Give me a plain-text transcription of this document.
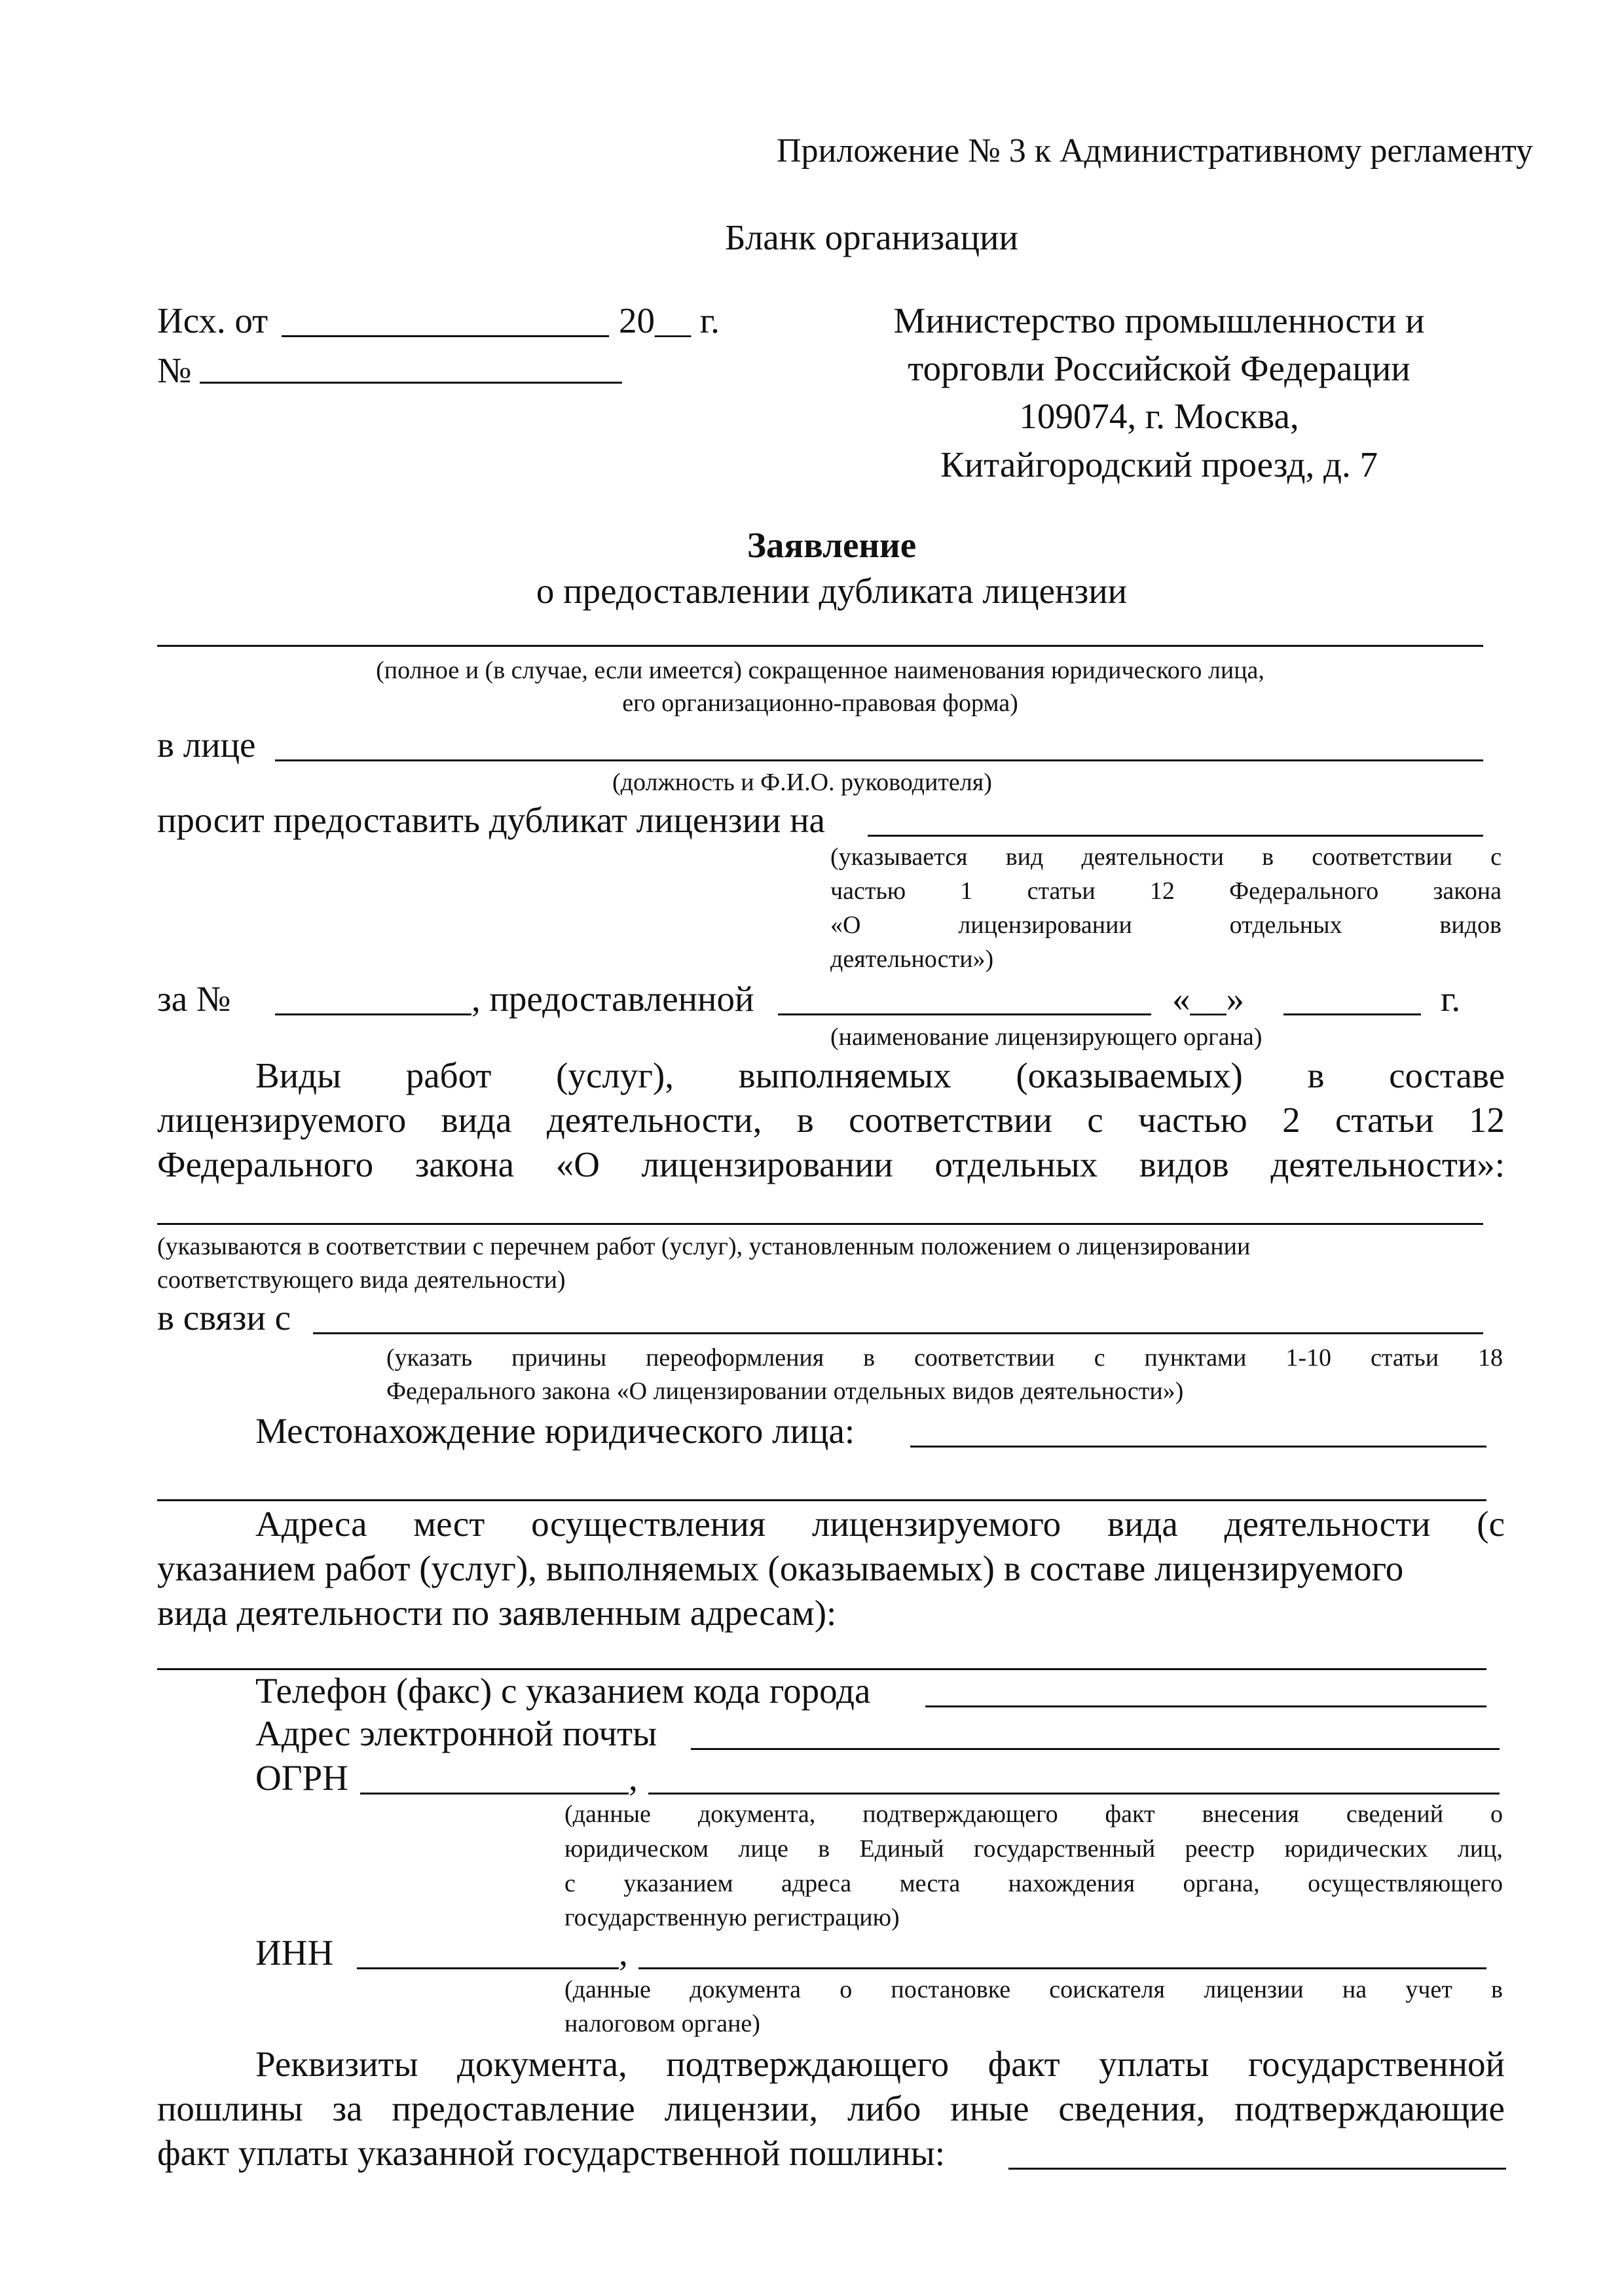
Приложение № 3 к Административному регламенту
Бланк организации
Исх. от	20__ г.
№
Министерство промышленности и
торговли Российской Федерации
109074, г. Москва,
Китайгородский проезд, д. 7
Заявление
о предоставлении дубликата лицензии
(полное и (в случае, если имеется) сокращенное наименования юридического лица,
его организационно-правовая форма)
в лице
(должность и Ф.И.О. руководителя)
просит предоставить дубликат лицензии на
(указывается вид деятельности в соответствии с
частью 1 статьи 12 Федерального закона
«О	лицензировании	отдельных	видов
деятельности»)
за №	, предоставленной	«__»	г.
(наименование лицензирующего органа)
Виды работ (услуг), выполняемых (оказываемых) в составе
лицензируемого вида деятельности, в соответствии с частью 2 статьи 12
Федерального закона «О лицензировании отдельных видов деятельности»:
(указываются в соответствии с перечнем работ (услуг), установленным положением о лицензировании
соответствующего вида деятельности)
в связи с
(указать причины переоформления в соответствии с пунктами 1-10 статьи 18
Федерального закона «О лицензировании отдельных видов деятельности»)
Местонахождение юридического лица:
Адреса мест осуществления лицензируемого вида деятельности (с
указанием работ (услуг), выполняемых (оказываемых) в составе лицензируемого
вида деятельности по заявленным адресам):
Телефон (факс) с указанием кода города
Адрес электронной почты
ОГРН	,
(данные документа, подтверждающего факт внесения сведений о
юридическом лице в Единый государственный реестр юридических лиц,
с указанием адреса места нахождения органа, осуществляющего
государственную регистрацию)
ИНН	,
(данные документа о постановке соискателя лицензии на учет в
налоговом органе)
Реквизиты документа, подтверждающего факт уплаты государственной
пошлины за предоставление лицензии, либо иные сведения, подтверждающие
факт уплаты указанной государственной пошлины:
